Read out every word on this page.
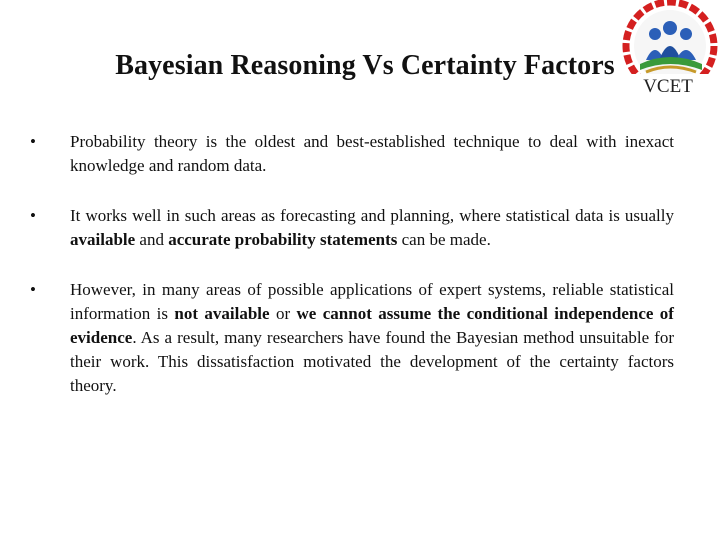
Bayesian Reasoning Vs Certainty Factors
VCET
•	Probability theory is the oldest and best-established technique to deal with inexact knowledge and random data.
•	It works well in such areas as forecasting and planning, where statistical data is usually available and accurate probability statements can be made.
•	However, in many areas of possible applications of expert systems, reliable statistical information is not available or we cannot assume the conditional independence of evidence. As a result, many researchers have found the Bayesian method unsuitable for their work. This dissatisfaction motivated the development of the certainty factors theory.
